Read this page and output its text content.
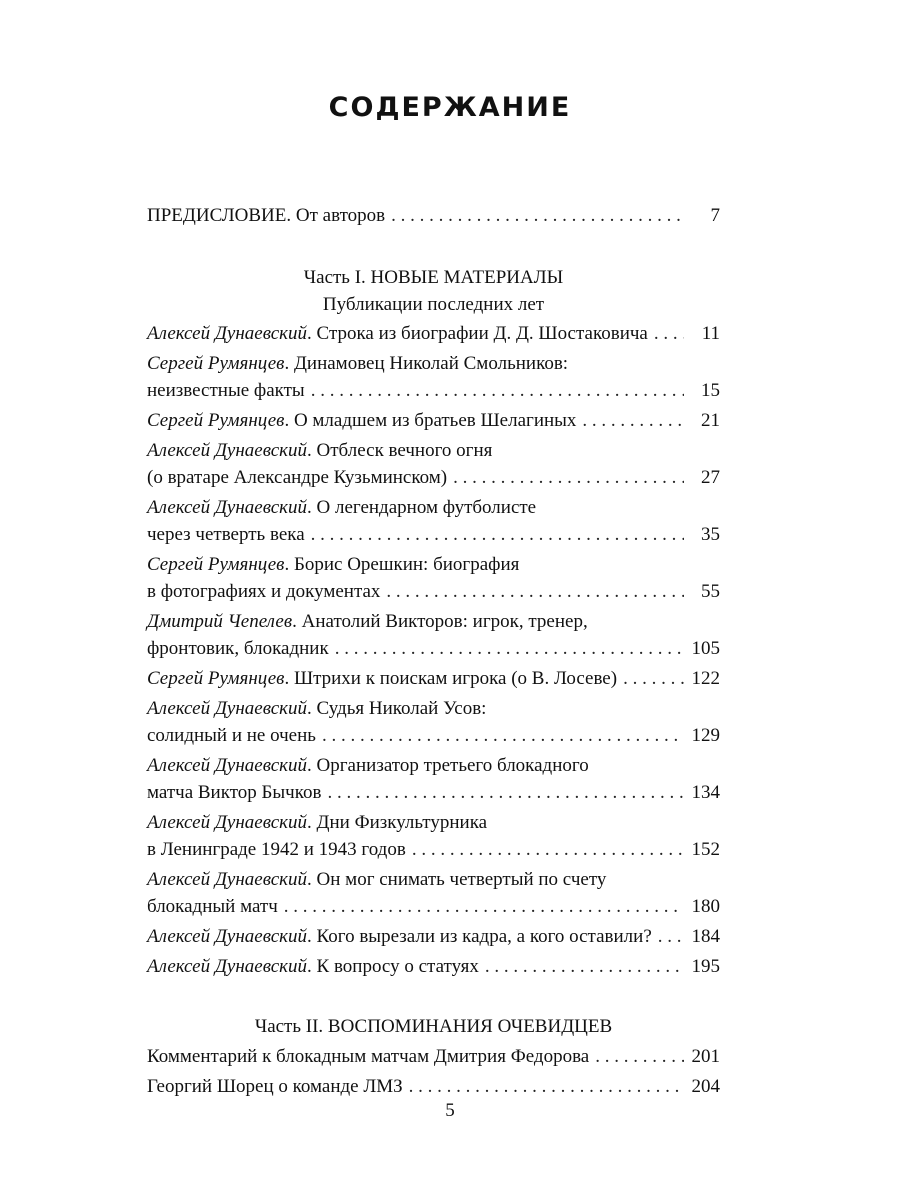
СОДЕРЖАНИЕ
ПРЕДИСЛОВИЕ. От авторов . . .	7
Часть I. НОВЫЕ МАТЕРИАЛЫ
Публикации последних лет
Алексей Дунаевский. Строка из биографии Д. Д. Шостаковича . . .	11
Сергей Румянцев. Динамовец Николай Смольников:
неизвестные факты . . .	15
Сергей Румянцев. О младшем из братьев Шелагиных . . .	21
Алексей Дунаевский. Отблеск вечного огня
(о вратаре Александре Кузьминском) . . .	27
Алексей Дунаевский. О легендарном футболисте
через четверть века . . .	35
Сергей Румянцев. Борис Орешкин: биография
в фотографиях и документах . . .	55
Дмитрий Чепелев. Анатолий Викторов: игрок, тренер,
фронтовик, блокадник . . .	105
Сергей Румянцев. Штрихи к поискам игрока (о В. Лосеве) . . .	122
Алексей Дунаевский. Судья Николай Усов:
солидный и не очень . . .	129
Алексей Дунаевский. Организатор третьего блокадного
матча Виктор Бычков . . .	134
Алексей Дунаевский. Дни Физкультурника
в Ленинграде 1942 и 1943 годов . . .	152
Алексей Дунаевский. Он мог снимать четвертый по счету
блокадный матч . . .	180
Алексей Дунаевский. Кого вырезали из кадра, а кого оставили? . . . 184
Алексей Дунаевский. К вопросу о статуях . . .	195
Часть II. ВОСПОМИНАНИЯ ОЧЕВИДЦЕВ
Комментарий к блокадным матчам Дмитрия Федорова . . .	201
Георгий Шорец о команде ЛМЗ . . .	204
5
